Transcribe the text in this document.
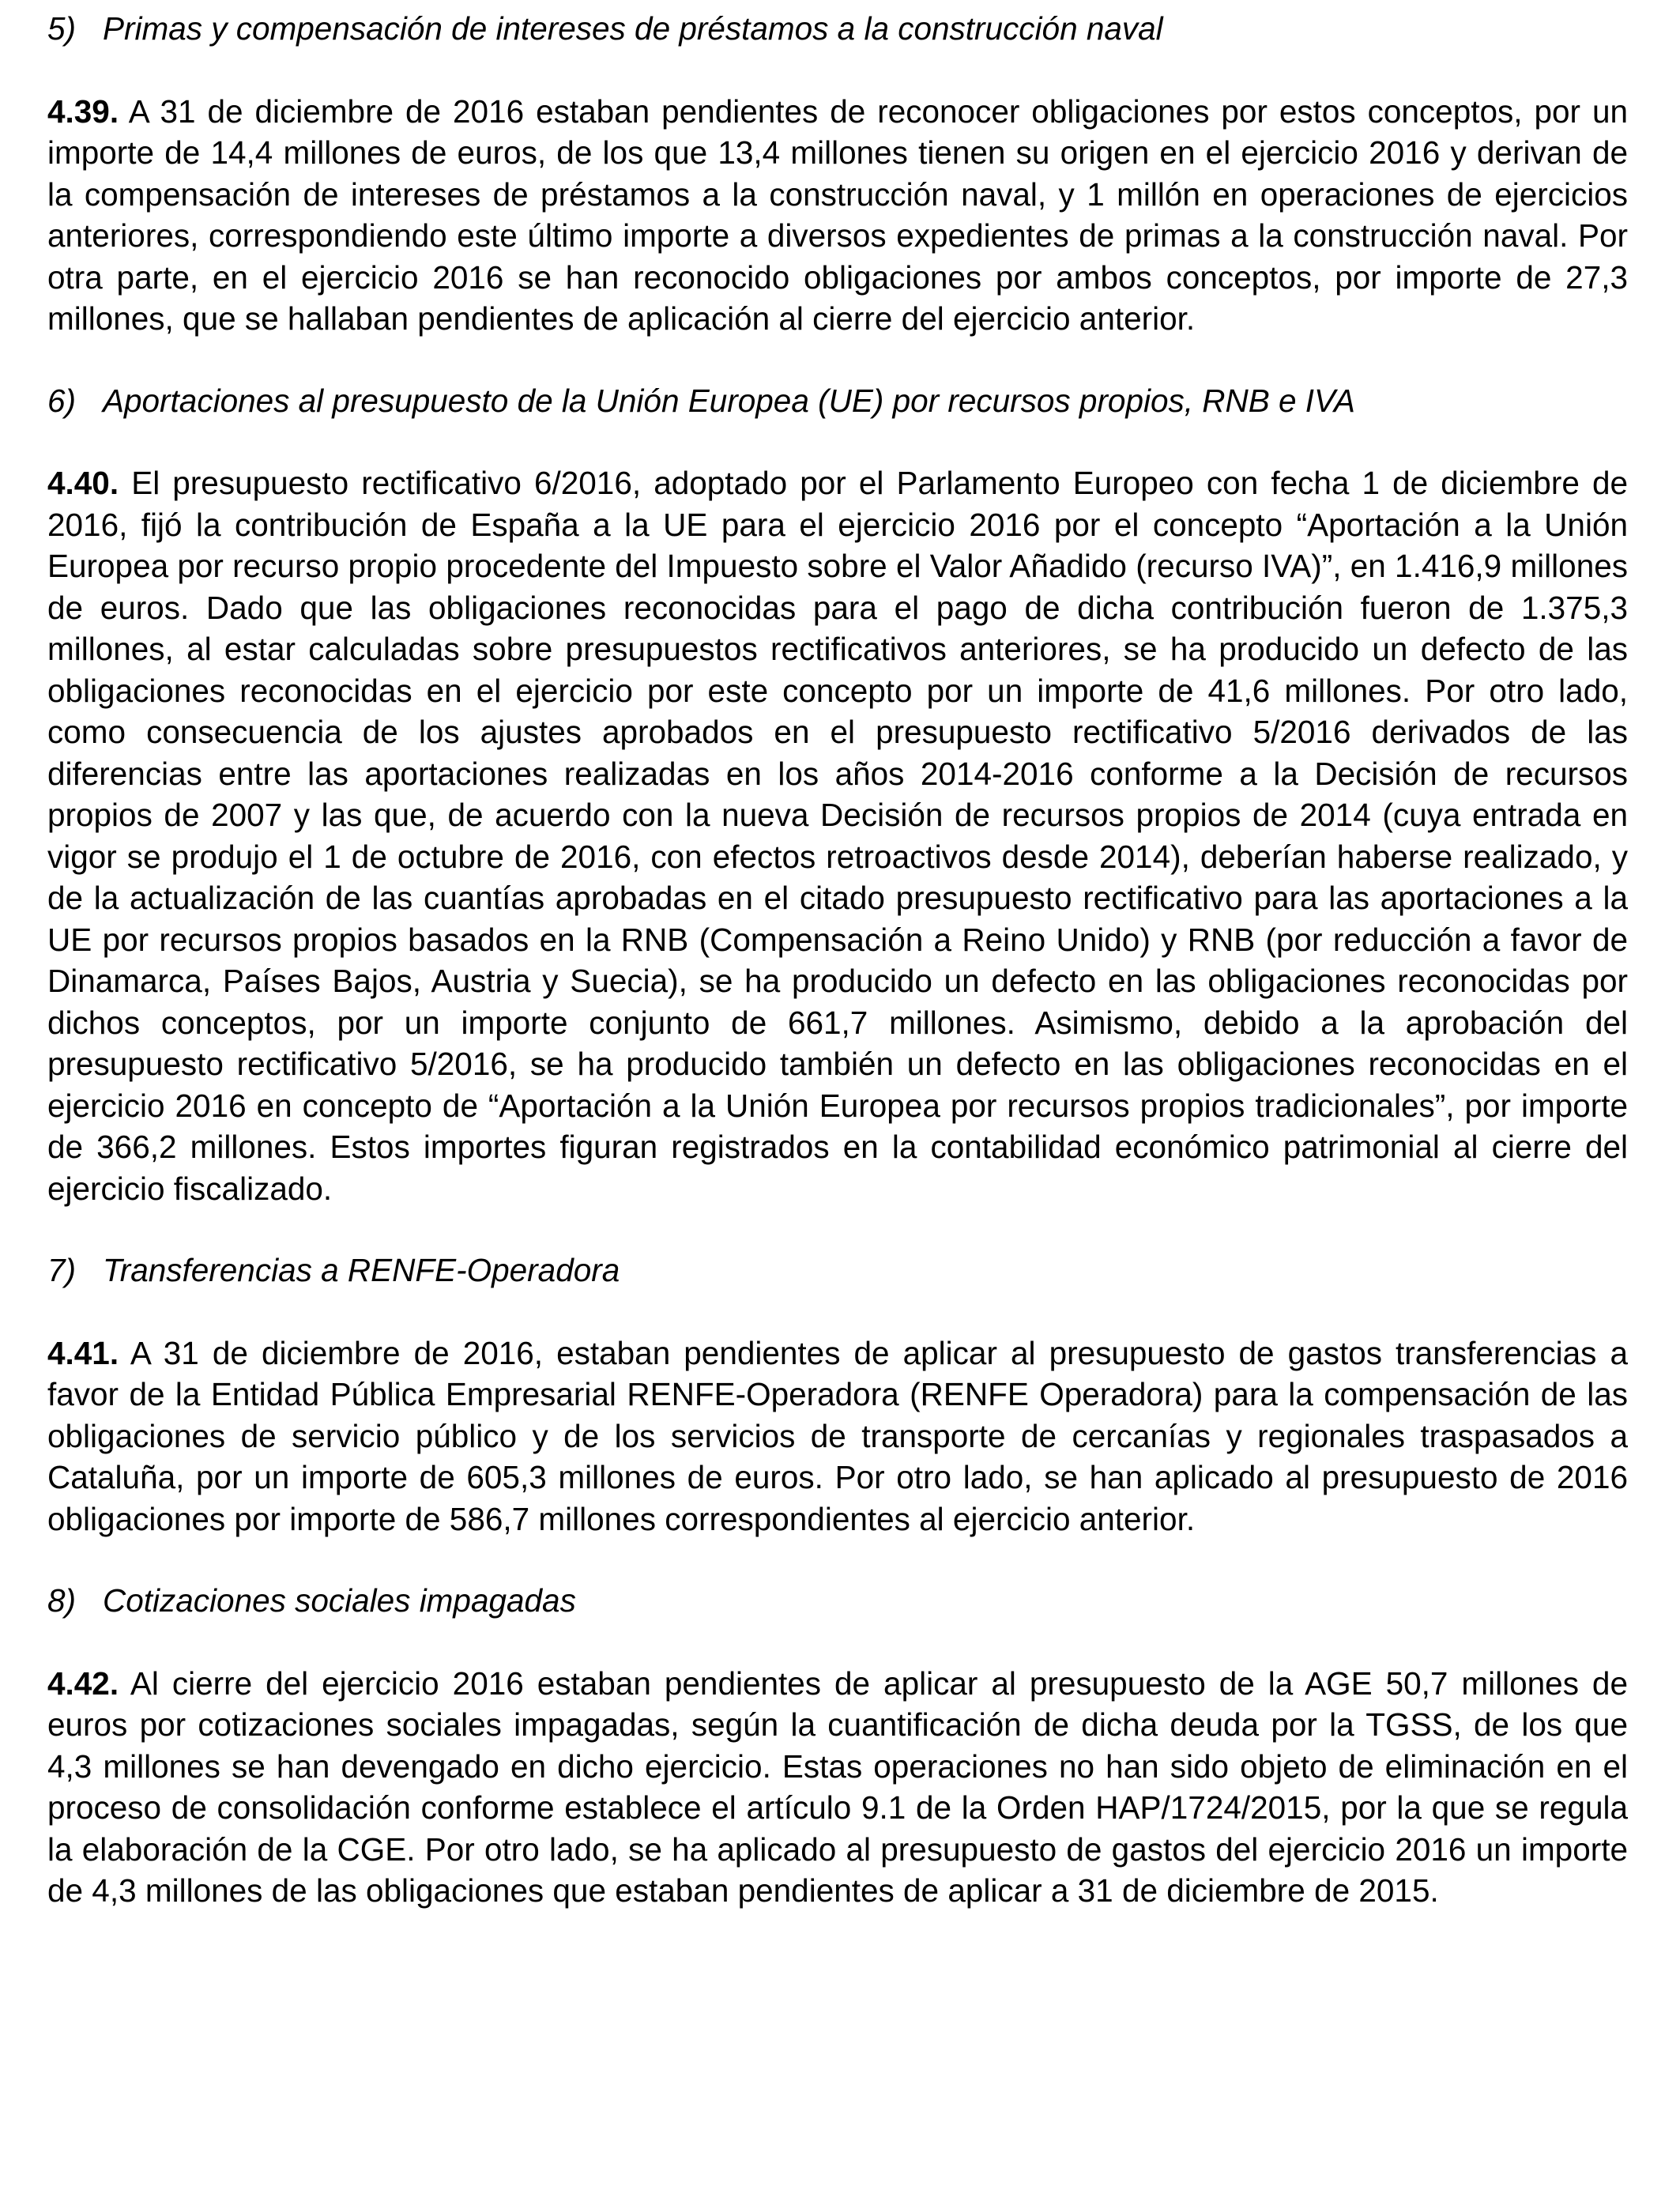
5) Primas y compensación de intereses de préstamos a la construcción naval

4.39. A 31 de diciembre de 2016 estaban pendientes de reconocer obligaciones por estos conceptos, por un importe de 14,4 millones de euros, de los que 13,4 millones tienen su origen en el ejercicio 2016 y derivan de la compensación de intereses de préstamos a la construcción naval, y 1 millón en operaciones de ejercicios anteriores, correspondiendo este último importe a diversos expedientes de primas a la construcción naval. Por otra parte, en el ejercicio 2016 se han reconocido obligaciones por ambos conceptos, por importe de 27,3 millones, que se hallaban pendientes de aplicación al cierre del ejercicio anterior.

6) Aportaciones al presupuesto de la Unión Europea (UE) por recursos propios, RNB e IVA

4.40. El presupuesto rectificativo 6/2016, adoptado por el Parlamento Europeo con fecha 1 de diciembre de 2016, fijó la contribución de España a la UE para el ejercicio 2016 por el concepto “Aportación a la Unión Europea por recurso propio procedente del Impuesto sobre el Valor Añadido (recurso IVA)”, en 1.416,9 millones de euros. Dado que las obligaciones reconocidas para el pago de dicha contribución fueron de 1.375,3 millones, al estar calculadas sobre presupuestos rectificativos anteriores, se ha producido un defecto de las obligaciones reconocidas en el ejercicio por este concepto por un importe de 41,6 millones. Por otro lado, como consecuencia de los ajustes aprobados en el presupuesto rectificativo 5/2016 derivados de las diferencias entre las aportaciones realizadas en los años 2014-2016 conforme a la Decisión de recursos propios de 2007 y las que, de acuerdo con la nueva Decisión de recursos propios de 2014 (cuya entrada en vigor se produjo el 1 de octubre de 2016, con efectos retroactivos desde 2014), deberían haberse realizado, y de la actualización de las cuantías aprobadas en el citado presupuesto rectificativo para las aportaciones a la UE por recursos propios basados en la RNB (Compensación a Reino Unido) y RNB (por reducción a favor de Dinamarca, Países Bajos, Austria y Suecia), se ha producido un defecto en las obligaciones reconocidas por dichos conceptos, por un importe conjunto de 661,7 millones. Asimismo, debido a la aprobación del presupuesto rectificativo 5/2016, se ha producido también un defecto en las obligaciones reconocidas en el ejercicio 2016 en concepto de “Aportación a la Unión Europea por recursos propios tradicionales”, por importe de 366,2 millones. Estos importes figuran registrados en la contabilidad económico patrimonial al cierre del ejercicio fiscalizado.

7) Transferencias a RENFE-Operadora

4.41. A 31 de diciembre de 2016, estaban pendientes de aplicar al presupuesto de gastos transferencias a favor de la Entidad Pública Empresarial RENFE-Operadora (RENFE Operadora) para la compensación de las obligaciones de servicio público y de los servicios de transporte de cercanías y regionales traspasados a Cataluña, por un importe de 605,3 millones de euros. Por otro lado, se han aplicado al presupuesto de 2016 obligaciones por importe de 586,7 millones correspondientes al ejercicio anterior.

8) Cotizaciones sociales impagadas

4.42. Al cierre del ejercicio 2016 estaban pendientes de aplicar al presupuesto de la AGE 50,7 millones de euros por cotizaciones sociales impagadas, según la cuantificación de dicha deuda por la TGSS, de los que 4,3 millones se han devengado en dicho ejercicio. Estas operaciones no han sido objeto de eliminación en el proceso de consolidación conforme establece el artículo 9.1 de la Orden HAP/1724/2015, por la que se regula la elaboración de la CGE. Por otro lado, se ha aplicado al presupuesto de gastos del ejercicio 2016 un importe de 4,3 millones de las obligaciones que estaban pendientes de aplicar a 31 de diciembre de 2015.
